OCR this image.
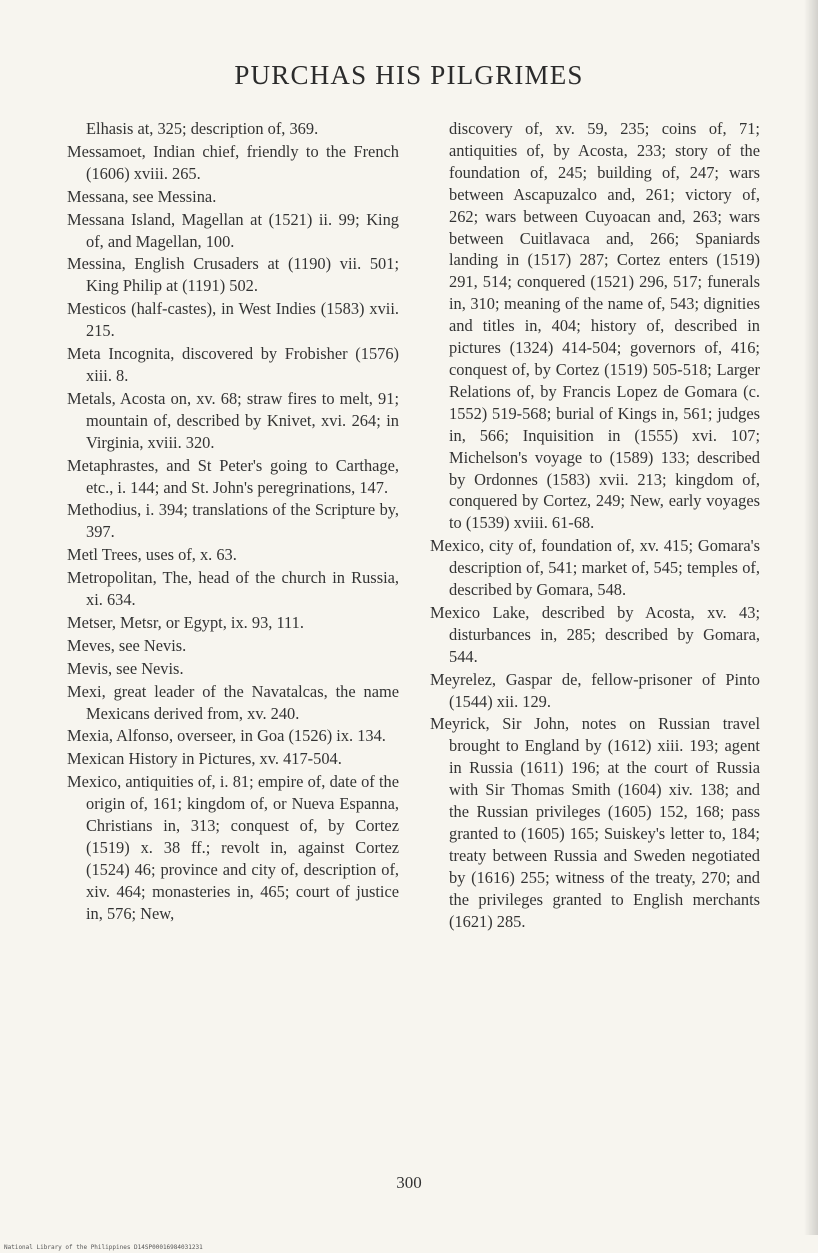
PURCHAS HIS PILGRIMES

Elhasis at, 325; description of, 369.

Messamoet, Indian chief, friendly to the French (1606) xviii. 265.

Messana, see Messina.

Messana Island, Magellan at (1521) ii. 99; King of, and Magellan, 100.

Messina, English Crusaders at (1190) vii. 501; King Philip at (1191) 502.

Mesticos (half-castes), in West Indies (1583) xvii. 215.

Meta Incognita, discovered by Frobisher (1576) xiii. 8.

Metals, Acosta on, xv. 68; straw fires to melt, 91; mountain of, described by Knivet, xvi. 264; in Virginia, xviii. 320.

Metaphrastes, and St Peter's going to Carthage, etc., i. 144; and St. John's peregrinations, 147.

Methodius, i. 394; translations of the Scripture by, 397.

Metl Trees, uses of, x. 63.

Metropolitan, The, head of the church in Russia, xi. 634.

Metser, Metsr, or Egypt, ix. 93, 111.

Meves, see Nevis.

Mevis, see Nevis.

Mexi, great leader of the Navatalcas, the name Mexicans derived from, xv. 240.

Mexia, Alfonso, overseer, in Goa (1526) ix. 134.

Mexican History in Pictures, xv. 417-504.

Mexico, antiquities of, i. 81; empire of, date of the origin of, 161; kingdom of, or Nueva Espanna, Christians in, 313; conquest of, by Cortez (1519) x. 38 ff.; revolt in, against Cortez (1524) 46; province and city of, description of, xiv. 464; monasteries in, 465; court of justice in, 576; New,

discovery of, xv. 59, 235; coins of, 71; antiquities of, by Acosta, 233; story of the foundation of, 245; building of, 247; wars between Ascapuzalco and, 261; victory of, 262; wars between Cuyoacan and, 263; wars between Cuitlavaca and, 266; Spaniards landing in (1517) 287; Cortez enters (1519) 291, 514; conquered (1521) 296, 517; funerals in, 310; meaning of the name of, 543; dignities and titles in, 404; history of, described in pictures (1324) 414-504; governors of, 416; conquest of, by Cortez (1519) 505-518; Larger Relations of, by Francis Lopez de Gomara (c. 1552) 519-568; burial of Kings in, 561; judges in, 566; Inquisition in (1555) xvi. 107; Michelson's voyage to (1589) 133; described by Ordonnes (1583) xvii. 213; kingdom of, conquered by Cortez, 249; New, early voyages to (1539) xviii. 61-68.

Mexico, city of, foundation of, xv. 415; Gomara's description of, 541; market of, 545; temples of, described by Gomara, 548.

Mexico Lake, described by Acosta, xv. 43; disturbances in, 285; described by Gomara, 544.

Meyrelez, Gaspar de, fellow-prisoner of Pinto (1544) xii. 129.

Meyrick, Sir John, notes on Russian travel brought to England by (1612) xiii. 193; agent in Russia (1611) 196; at the court of Russia with Sir Thomas Smith (1604) xiv. 138; and the Russian privileges (1605) 152, 168; pass granted to (1605) 165; Suiskey's letter to, 184; treaty between Russia and Sweden negotiated by (1616) 255; witness of the treaty, 270; and the privileges granted to English merchants (1621) 285.

300
National Library of the Philippines D14SP00016984031231
